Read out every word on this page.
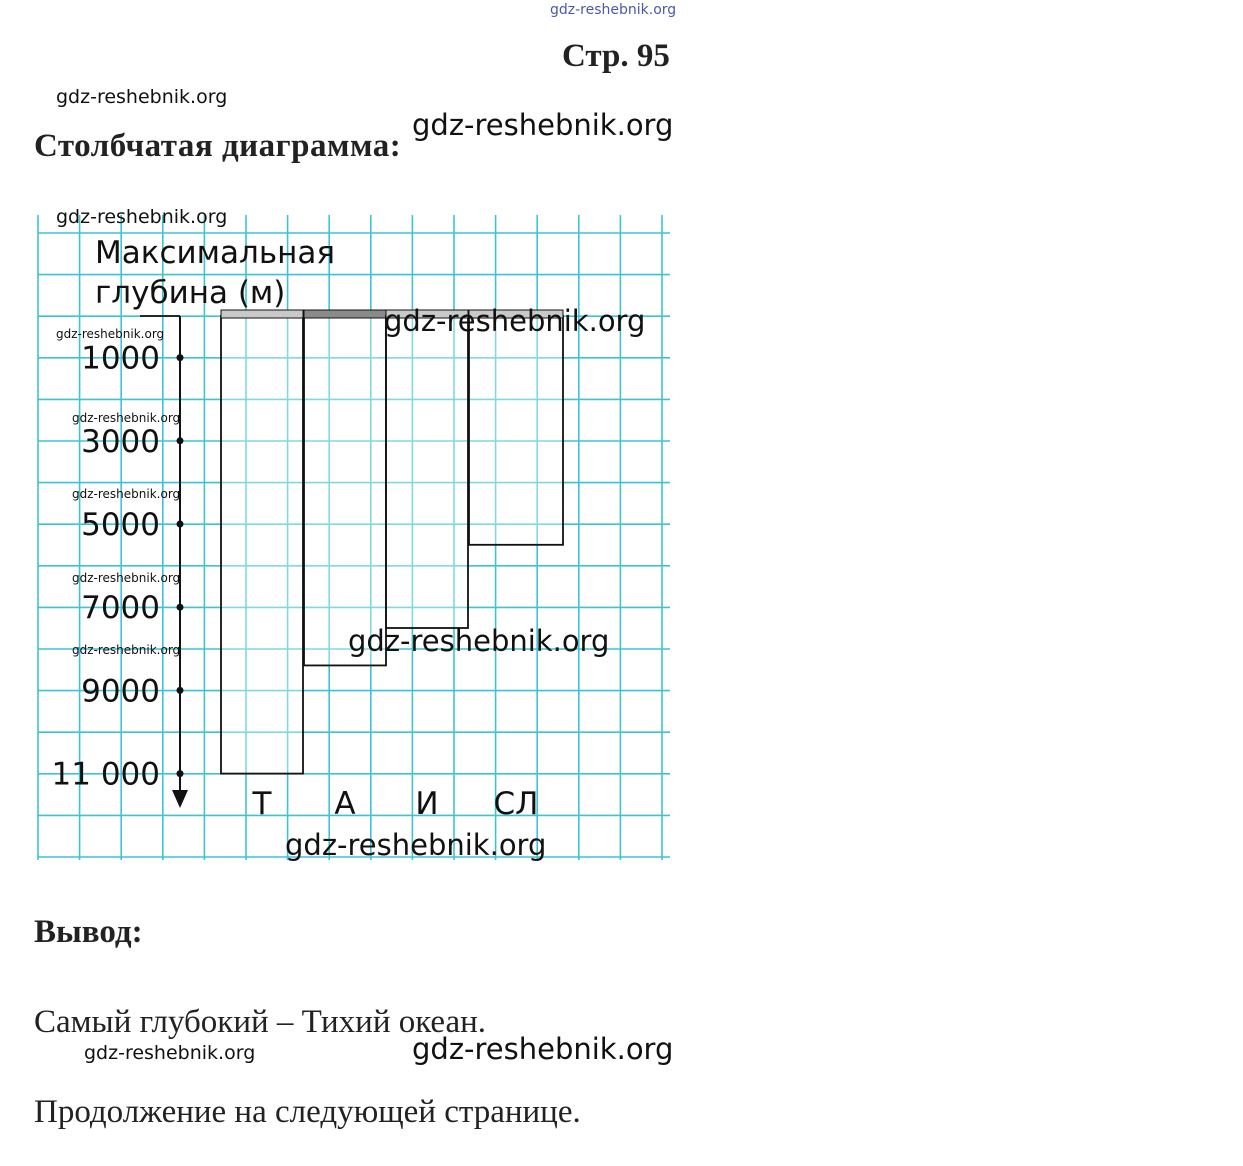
1000
3000
5000
7000
9000
11 000
Максимальная
глубина (м)
Т А И СЛ
gdz-reshebnik.org
Стр. 95
gdz-reshebnik.org
Столбчатая диаграмма:
gdz-reshebnik.org
gdz-reshebnik.org
gdz-reshebnik.org
gdz-reshebnik.org
gdz-reshebnik.org
gdz-reshebnik.org
gdz-reshebnik.org
gdz-reshebnik.org
gdz-reshebnik.org
gdz-reshebnik.org
Вывод:
Самый глубокий – Тихий океан.
gdz-reshebnik.org	gdz-reshebnik.org
Продолжение на следующей странице.
